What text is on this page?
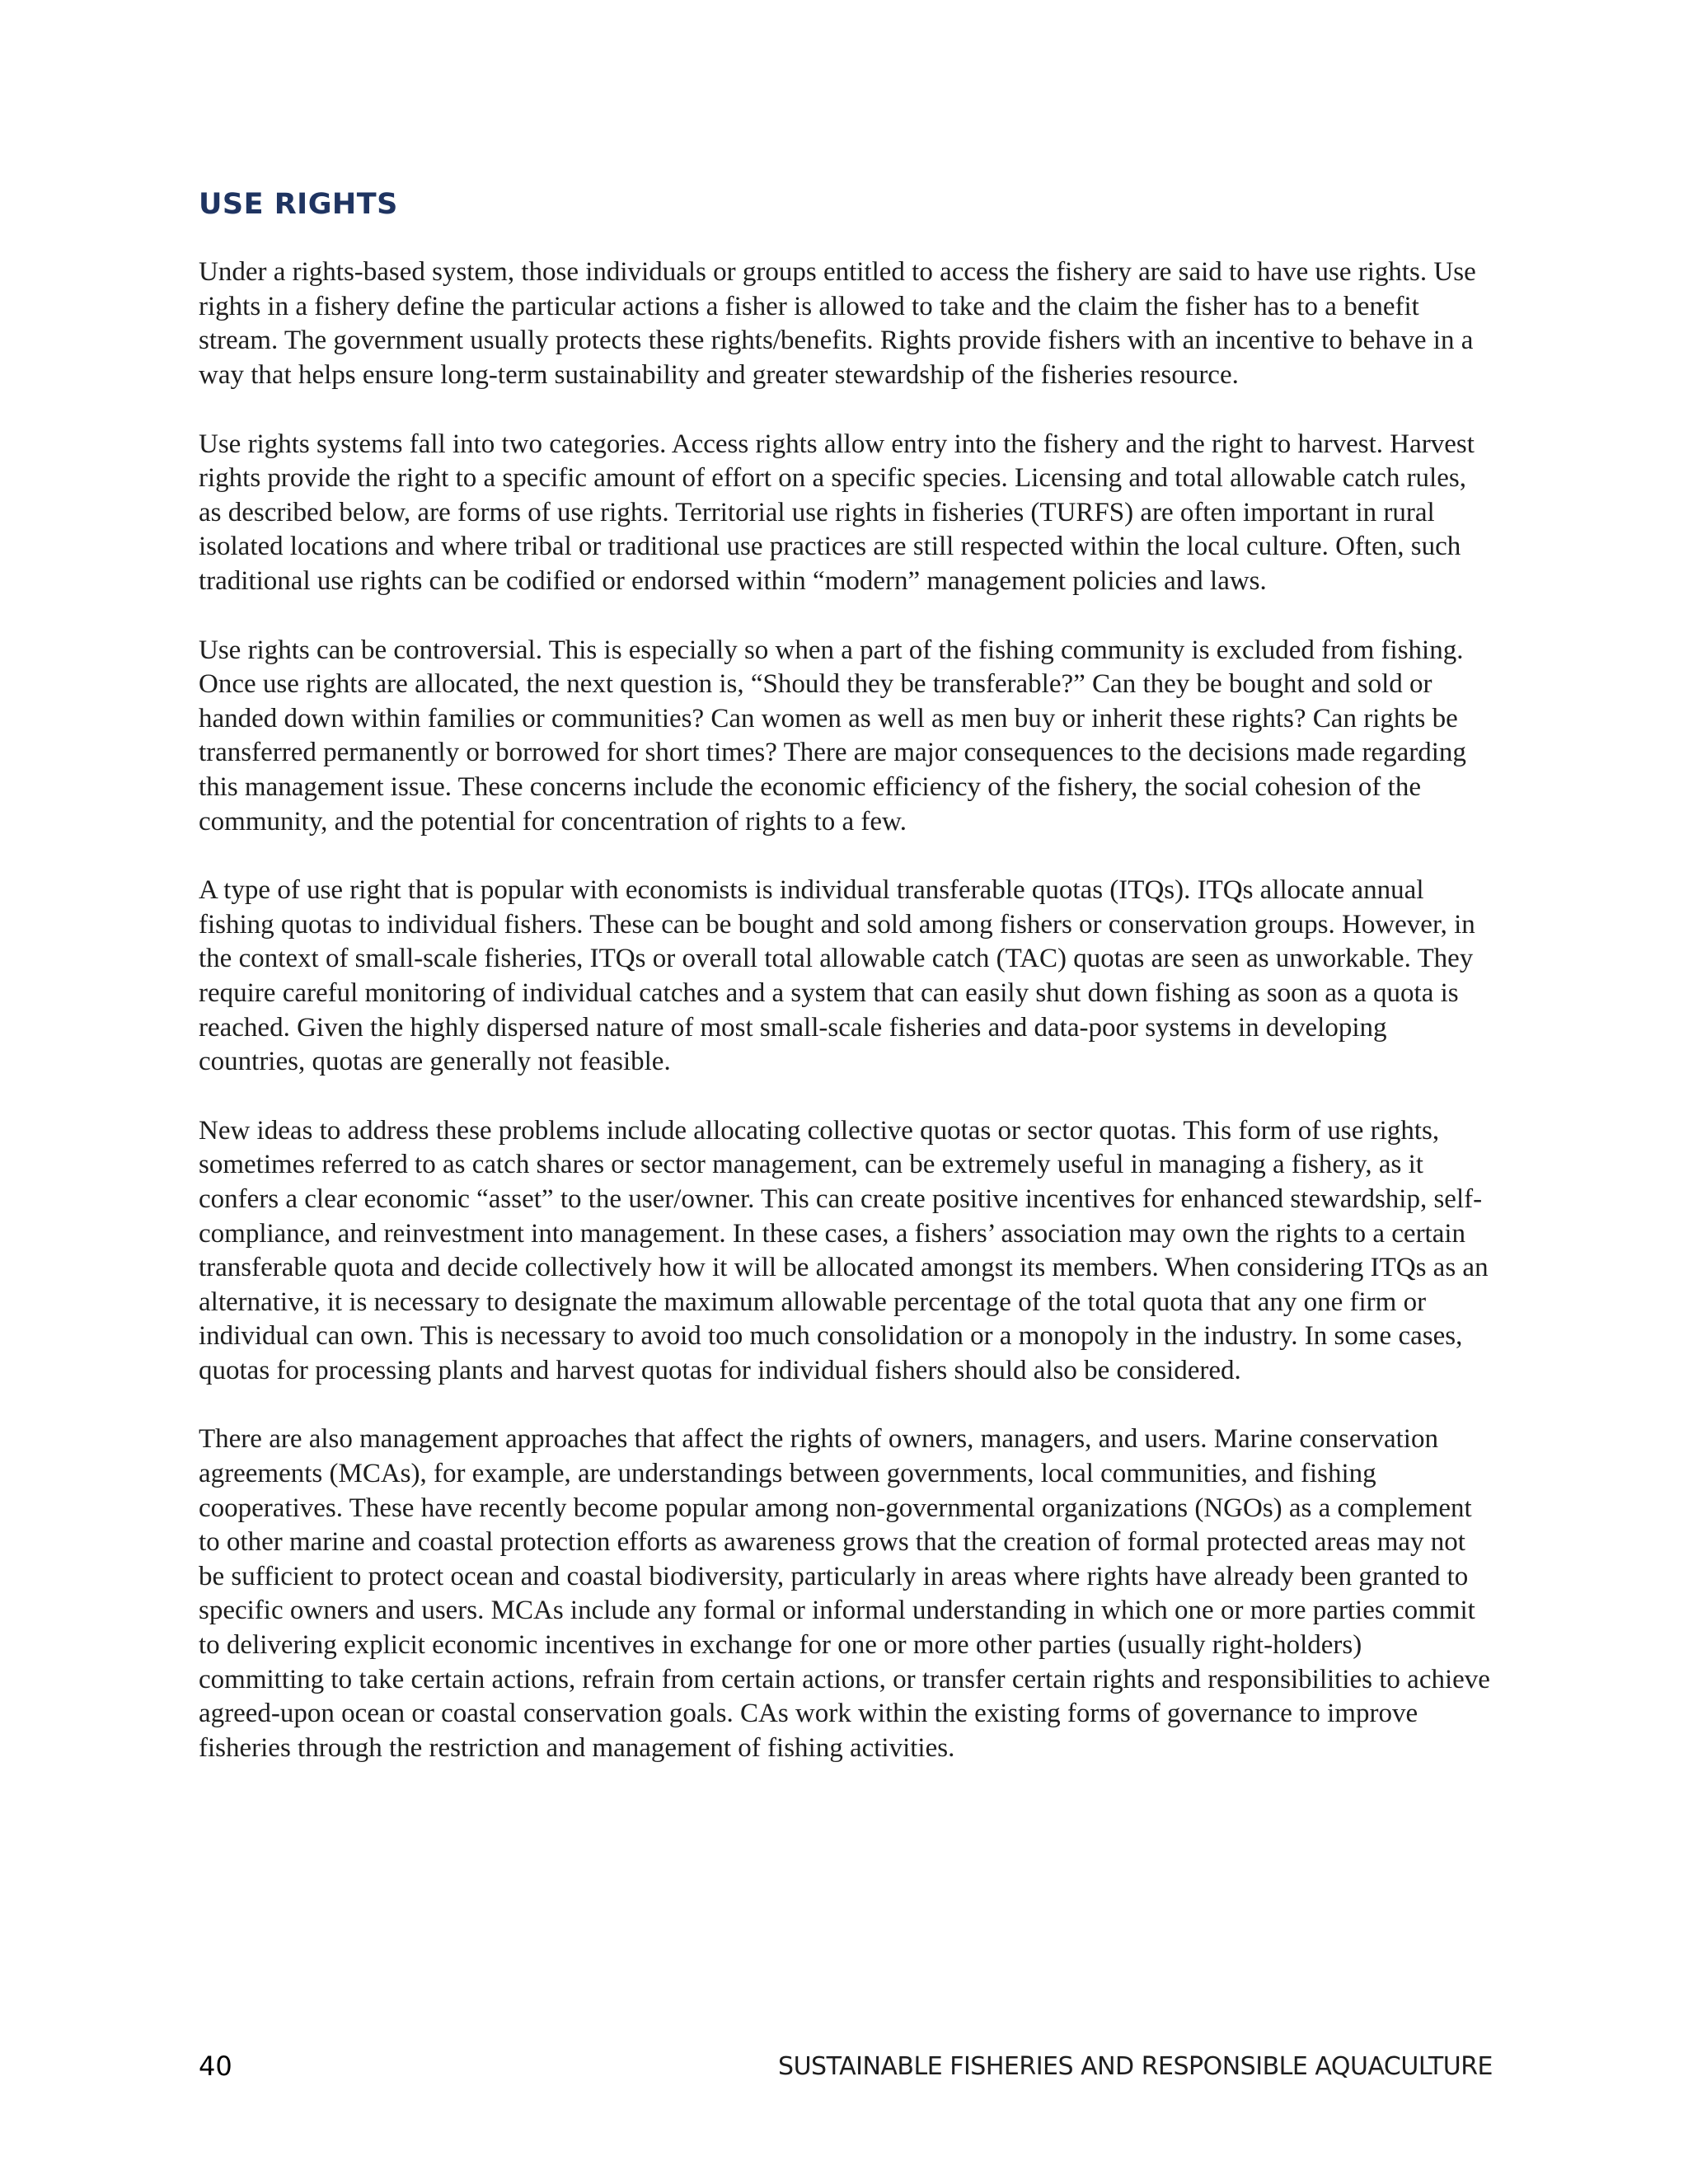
USE RIGHTS

Under a rights-based system, those individuals or groups entitled to access the fishery are said to have use rights. Use rights in a fishery define the particular actions a fisher is allowed to take and the claim the fisher has to a benefit stream. The government usually protects these rights/benefits. Rights provide fishers with an incentive to behave in a way that helps ensure long-term sustainability and greater stewardship of the fisheries resource.

Use rights systems fall into two categories. Access rights allow entry into the fishery and the right to harvest. Harvest rights provide the right to a specific amount of effort on a specific species. Licensing and total allowable catch rules, as described below, are forms of use rights. Territorial use rights in fisheries (TURFS) are often important in rural isolated locations and where tribal or traditional use practices are still respected within the local culture. Often, such traditional use rights can be codified or endorsed within “modern” management policies and laws.

Use rights can be controversial. This is especially so when a part of the fishing community is excluded from fishing. Once use rights are allocated, the next question is, “Should they be transferable?” Can they be bought and sold or handed down within families or communities? Can women as well as men buy or inherit these rights? Can rights be transferred permanently or borrowed for short times? There are major consequences to the decisions made regarding this management issue. These concerns include the economic efficiency of the fishery, the social cohesion of the community, and the potential for concentration of rights to a few.

A type of use right that is popular with economists is individual transferable quotas (ITQs). ITQs allocate annual fishing quotas to individual fishers. These can be bought and sold among fishers or conservation groups. However, in the context of small-scale fisheries, ITQs or overall total allowable catch (TAC) quotas are seen as unworkable. They require careful monitoring of individual catches and a system that can easily shut down fishing as soon as a quota is reached. Given the highly dispersed nature of most small-scale fisheries and data-poor systems in developing countries, quotas are generally not feasible.

New ideas to address these problems include allocating collective quotas or sector quotas. This form of use rights, sometimes referred to as catch shares or sector management, can be extremely useful in managing a fishery, as it confers a clear economic “asset” to the user/owner. This can create positive incentives for enhanced stewardship, self-compliance, and reinvestment into management. In these cases, a fishers’ association may own the rights to a certain transferable quota and decide collectively how it will be allocated amongst its members. When considering ITQs as an alternative, it is necessary to designate the maximum allowable percentage of the total quota that any one firm or individual can own. This is necessary to avoid too much consolidation or a monopoly in the industry. In some cases, quotas for processing plants and harvest quotas for individual fishers should also be considered.

There are also management approaches that affect the rights of owners, managers, and users. Marine conservation agreements (MCAs), for example, are understandings between governments, local communities, and fishing cooperatives. These have recently become popular among non-governmental organizations (NGOs) as a complement to other marine and coastal protection efforts as awareness grows that the creation of formal protected areas may not be sufficient to protect ocean and coastal biodiversity, particularly in areas where rights have already been granted to specific owners and users. MCAs include any formal or informal understanding in which one or more parties commit to delivering explicit economic incentives in exchange for one or more other parties (usually right-holders) committing to take certain actions, refrain from certain actions, or transfer certain rights and responsibilities to achieve agreed-upon ocean or coastal conservation goals. CAs work within the existing forms of governance to improve fisheries through the restriction and management of fishing activities.

40	SUSTAINABLE FISHERIES AND RESPONSIBLE AQUACULTURE
